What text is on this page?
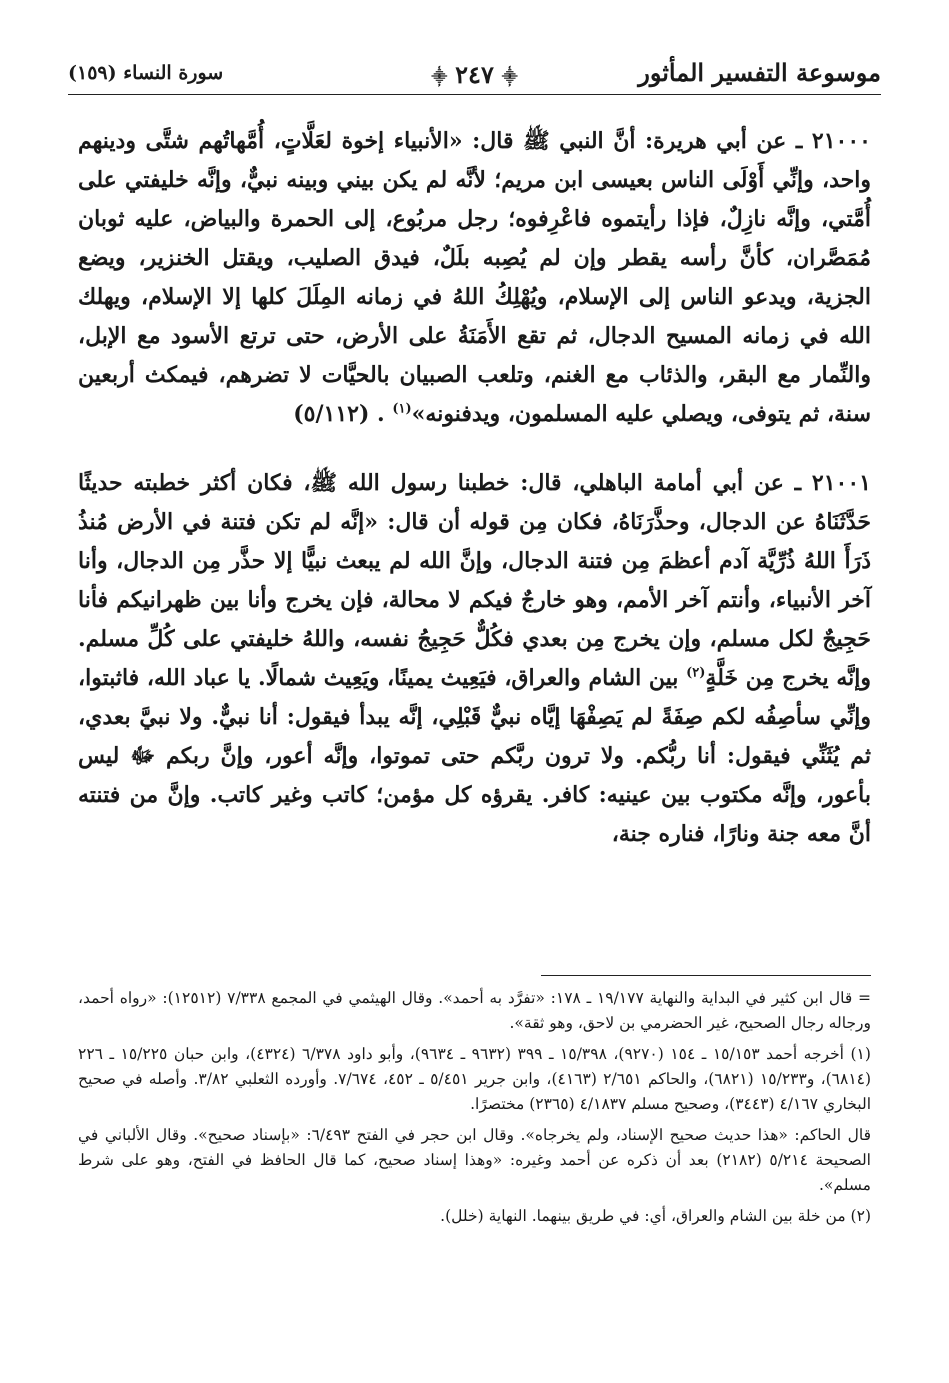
موسوعة التفسير المأثور
⸎٢٤٧⸎
سورة النساء (١٥٩)

٢١٠٠٠ ـ عن أبي هريرة: أنَّ النبي ﷺ قال: «الأنبياء إخوة لعَلَّاتٍ، أُمَّهاتُهم شتَّى ودينهم واحد، وإنِّي أَوْلَى الناس بعيسى ابن مريم؛ لأنَّه لم يكن بيني وبينه نبيٌّ، وإنَّه خليفتي على أُمَّتي، وإنَّه نازِلٌ، فإذا رأيتموه فاعْرِفوه؛ رجل مربُوع، إلى الحمرة والبياض، عليه ثوبان مُمَصَّران، كأنَّ رأسه يقطر وإن لم يُصِبه بلَلٌ، فيدق الصليب، ويقتل الخنزير، ويضع الجزية، ويدعو الناس إلى الإسلام، ويُهْلِكُ اللهُ في زمانه المِلَلَ كلها إلا الإسلام، ويهلك الله في زمانه المسيح الدجال، ثم تقع الأَمَنَةُ على الأرض، حتى ترتع الأسود مع الإبل، والنِّمار مع البقر، والذئاب مع الغنم، وتلعب الصبيان بالحيَّات لا تضرهم، فيمكث أربعين سنة، ثم يتوفى، ويصلي عليه المسلمون، ويدفنونه»$^{(١)}$ . (٥/١١٢)

٢١٠٠١ ـ عن أبي أمامة الباهلي، قال: خطبنا رسول الله ﷺ، فكان أكثر خطبته حديثًا حَدَّثَنَاهُ عن الدجال، وحذَّرَنَاهُ، فكان مِن قوله أن قال: «إنَّه لم تكن فتنة في الأرض مُنذُ ذَرَأَ اللهُ ذُرِّيَّة آدم أعظمَ مِن فتنة الدجال، وإنَّ الله لم يبعث نبيًّا إلا حذَّر مِن الدجال، وأنا آخر الأنبياء، وأنتم آخر الأمم، وهو خارجٌ فيكم لا محالة، فإن يخرج وأنا بين ظهرانيكم فأنا حَجِيجٌ لكل مسلم، وإن يخرج مِن بعدي فكُلٌّ حَجِيجُ نفسه، واللهُ خليفتي على كُلِّ مسلم. وإنَّه يخرج مِن خَلَّةٍ$^{(٢)}$ بين الشام والعراق، فيَعِيث يمينًا، ويَعِيث شمالًا. يا عباد الله، فاثبتوا، وإنِّي سأصِفُه لكم صِفَةً لم يَصِفْهَا إيَّاه نبيٌّ قَبْلِي، إنَّه يبدأ فيقول: أنا نبيٌّ. ولا نبيَّ بعدي، ثم يُثَنِّي فيقول: أنا ربُّكم. ولا ترون ربَّكم حتى تموتوا، وإنَّه أعور، وإنَّ ربكم ﷻ ليس بأعور، وإنَّه مكتوب بين عينيه: كافر. يقرؤه كل مؤمن؛ كاتب وغير كاتب. وإنَّ من فتنته أنَّ معه جنة ونارًا، فناره جنة،

= قال ابن كثير في البداية والنهاية ١٩/١٧٧ ـ ١٧٨: «تفرَّد به أحمد». وقال الهيثمي في المجمع ٧/٣٣٨ (١٢٥١٢): «رواه أحمد، ورجاله رجال الصحيح، غير الحضرمي بن لاحق، وهو ثقة».

(١) أخرجه أحمد ١٥/١٥٣ ـ ١٥٤ (٩٢٧٠)، ١٥/٣٩٨ ـ ٣٩٩ (٩٦٣٢ ـ ٩٦٣٤)، وأبو داود ٦/٣٧٨ (٤٣٢٤)، وابن حبان ١٥/٢٢٥ ـ ٢٢٦ (٦٨١٤)، و١٥/٢٣٣ (٦٨٢١)، والحاكم ٢/٦٥١ (٤١٦٣)، وابن جرير ٥/٤٥١ ـ ٤٥٢، ٧/٦٧٤. وأورده الثعلبي ٣/٨٢. وأصله في صحيح البخاري ٤/١٦٧ (٣٤٤٣)، وصحيح مسلم ٤/١٨٣٧ (٢٣٦٥) مختصرًا.

قال الحاكم: «هذا حديث صحيح الإسناد، ولم يخرجاه». وقال ابن حجر في الفتح ٦/٤٩٣: «بإسناد صحيح». وقال الألباني في الصحيحة ٥/٢١٤ (٢١٨٢) بعد أن ذكره عن أحمد وغيره: «وهذا إسناد صحيح، كما قال الحافظ في الفتح، وهو على شرط مسلم».

(٢) من خلة بين الشام والعراق، أي: في طريق بينهما. النهاية (خلل).
